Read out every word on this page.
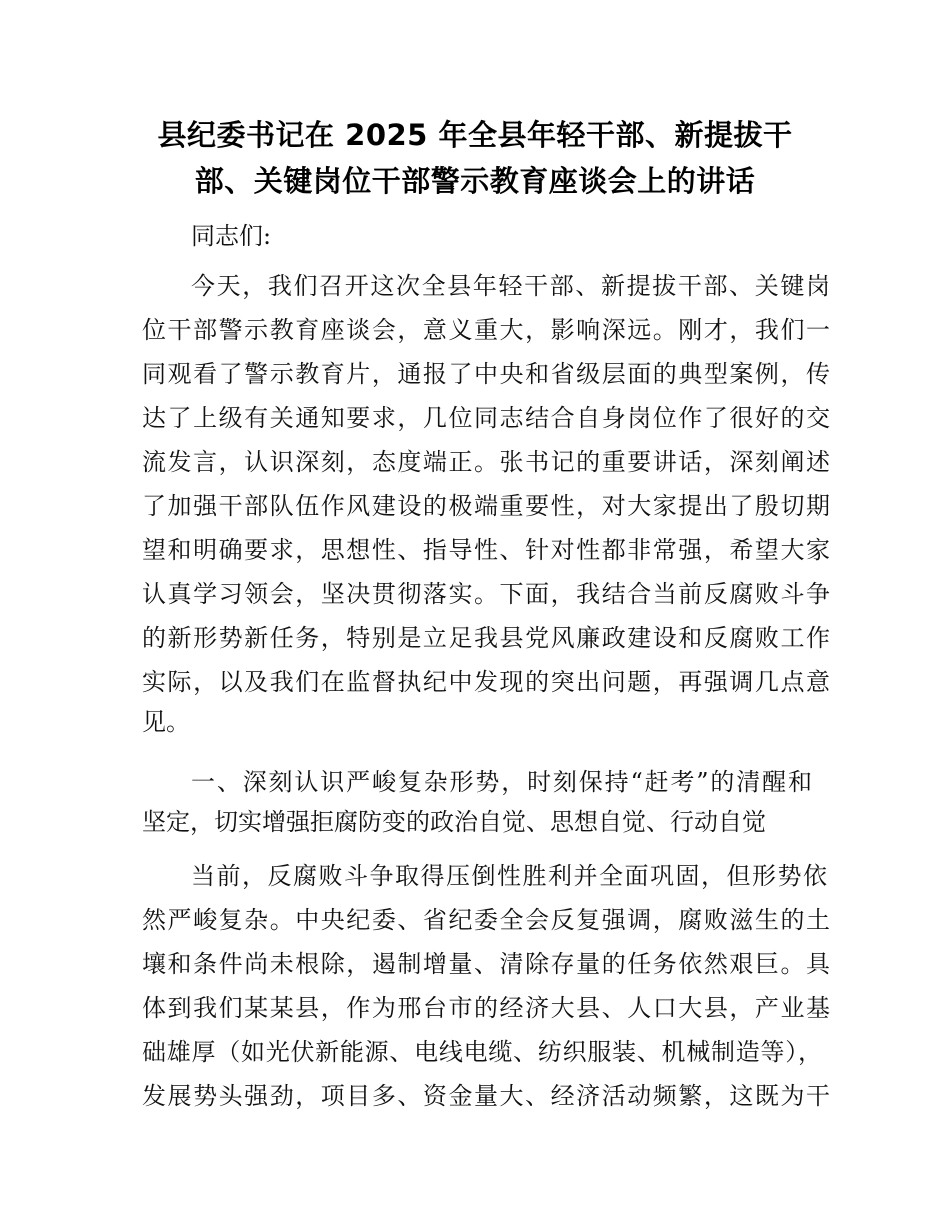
县纪委书记在 2025 年全县年轻干部、新提拔干
部、关键岗位干部警示教育座谈会上的讲话
同志们:
今天，我们召开这次全县年轻干部、新提拔干部、关键岗
位干部警示教育座谈会，意义重大，影响深远。刚才，我们一
同观看了警示教育片，通报了中央和省级层面的典型案例，传
达了上级有关通知要求，几位同志结合自身岗位作了很好的交
流发言，认识深刻，态度端正。张书记的重要讲话，深刻阐述
了加强干部队伍作风建设的极端重要性，对大家提出了殷切期
望和明确要求，思想性、指导性、针对性都非常强，希望大家
认真学习领会，坚决贯彻落实。下面，我结合当前反腐败斗争
的新形势新任务，特别是立足我县党风廉政建设和反腐败工作
实际，以及我们在监督执纪中发现的突出问题，再强调几点意
见。
一、深刻认识严峻复杂形势，时刻保持“赶考”的清醒和
坚定，切实增强拒腐防变的政治自觉、思想自觉、行动自觉
当前，反腐败斗争取得压倒性胜利并全面巩固，但形势依
然严峻复杂。中央纪委、省纪委全会反复强调，腐败滋生的土
壤和条件尚未根除，遏制增量、清除存量的任务依然艰巨。具
体到我们某某县，作为邢台市的经济大县、人口大县，产业基
础雄厚（如光伏新能源、电线电缆、纺织服装、机械制造等），
发展势头强劲，项目多、资金量大、经济活动频繁，这既为干
